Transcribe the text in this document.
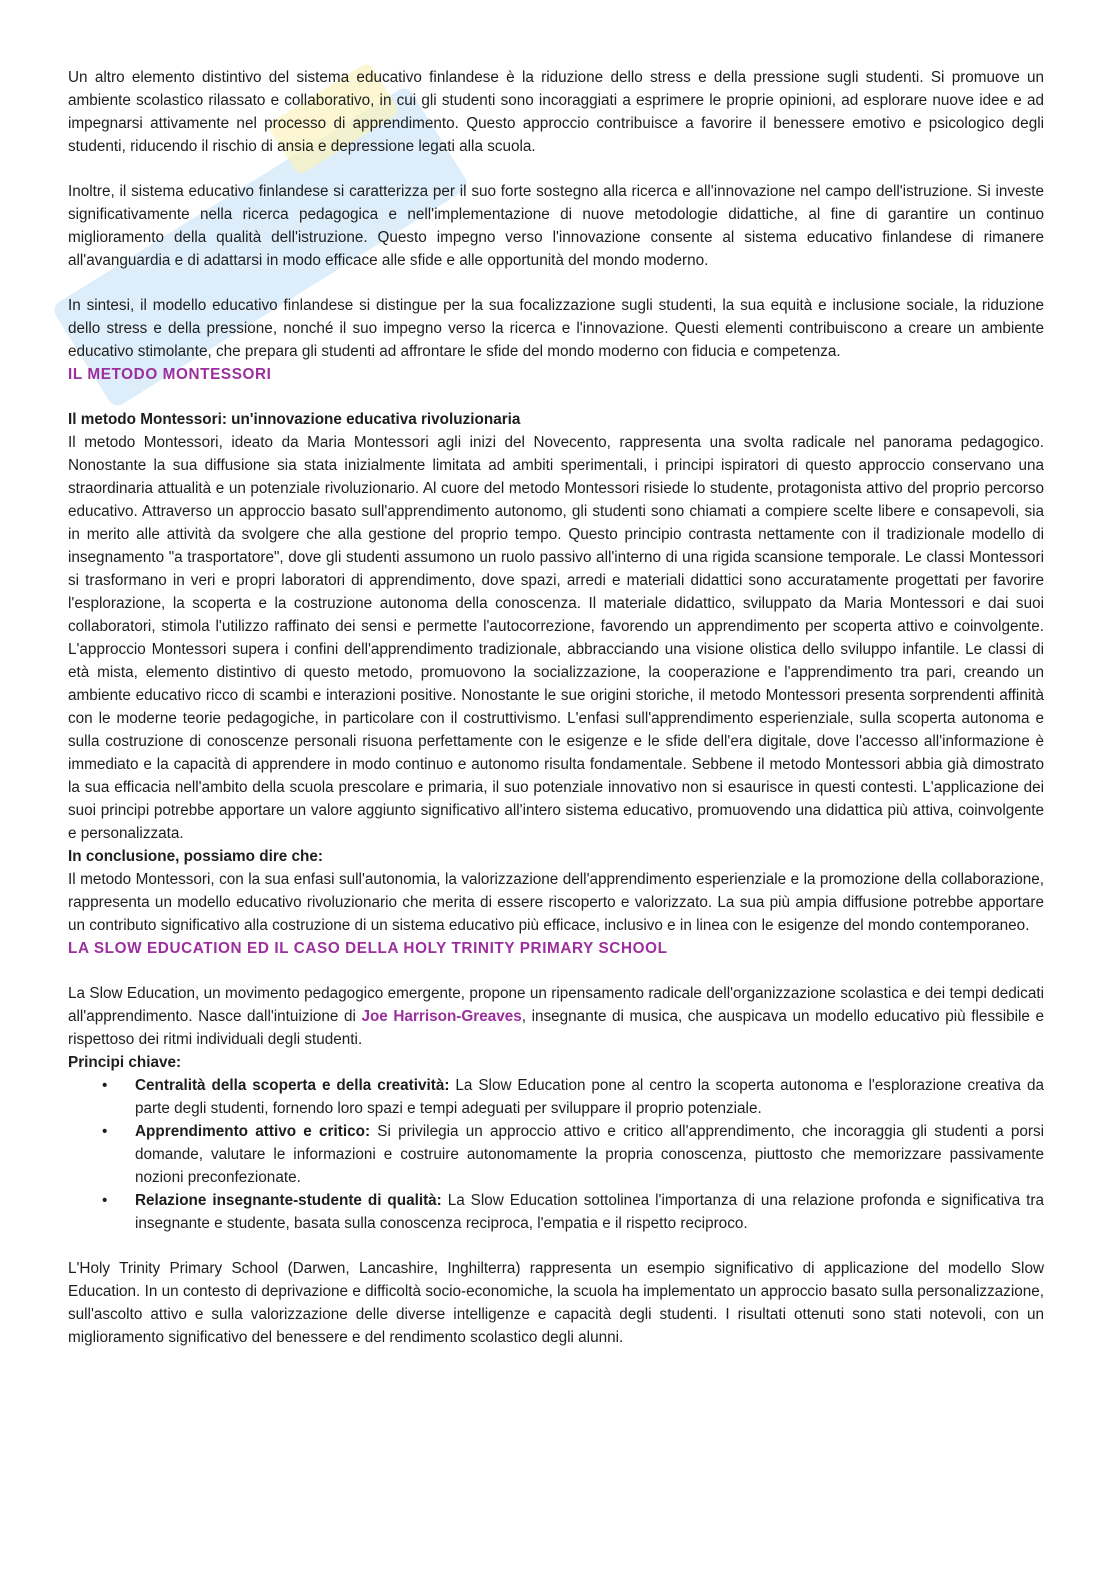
Un altro elemento distintivo del sistema educativo finlandese è la riduzione dello stress e della pressione sugli studenti. Si promuove un ambiente scolastico rilassato e collaborativo, in cui gli studenti sono incoraggiati a esprimere le proprie opinioni, ad esplorare nuove idee e ad impegnarsi attivamente nel processo di apprendimento. Questo approccio contribuisce a favorire il benessere emotivo e psicologico degli studenti, riducendo il rischio di ansia e depressione legati alla scuola.

Inoltre, il sistema educativo finlandese si caratterizza per il suo forte sostegno alla ricerca e all'innovazione nel campo dell'istruzione. Si investe significativamente nella ricerca pedagogica e nell'implementazione di nuove metodologie didattiche, al fine di garantire un continuo miglioramento della qualità dell'istruzione. Questo impegno verso l'innovazione consente al sistema educativo finlandese di rimanere all'avanguardia e di adattarsi in modo efficace alle sfide e alle opportunità del mondo moderno.

In sintesi, il modello educativo finlandese si distingue per la sua focalizzazione sugli studenti, la sua equità e inclusione sociale, la riduzione dello stress e della pressione, nonché il suo impegno verso la ricerca e l'innovazione. Questi elementi contribuiscono a creare un ambiente educativo stimolante, che prepara gli studenti ad affrontare le sfide del mondo moderno con fiducia e competenza.

IL METODO MONTESSORI

Il metodo Montessori: un'innovazione educativa rivoluzionaria

Il metodo Montessori, ideato da Maria Montessori agli inizi del Novecento, rappresenta una svolta radicale nel panorama pedagogico. Nonostante la sua diffusione sia stata inizialmente limitata ad ambiti sperimentali, i principi ispiratori di questo approccio conservano una straordinaria attualità e un potenziale rivoluzionario. Al cuore del metodo Montessori risiede lo studente, protagonista attivo del proprio percorso educativo. Attraverso un approccio basato sull'apprendimento autonomo, gli studenti sono chiamati a compiere scelte libere e consapevoli, sia in merito alle attività da svolgere che alla gestione del proprio tempo. Questo principio contrasta nettamente con il tradizionale modello di insegnamento "a trasportatore", dove gli studenti assumono un ruolo passivo all'interno di una rigida scansione temporale. Le classi Montessori si trasformano in veri e propri laboratori di apprendimento, dove spazi, arredi e materiali didattici sono accuratamente progettati per favorire l'esplorazione, la scoperta e la costruzione autonoma della conoscenza. Il materiale didattico, sviluppato da Maria Montessori e dai suoi collaboratori, stimola l'utilizzo raffinato dei sensi e permette l'autocorrezione, favorendo un apprendimento per scoperta attivo e coinvolgente. L'approccio Montessori supera i confini dell'apprendimento tradizionale, abbracciando una visione olistica dello sviluppo infantile. Le classi di età mista, elemento distintivo di questo metodo, promuovono la socializzazione, la cooperazione e l'apprendimento tra pari, creando un ambiente educativo ricco di scambi e interazioni positive. Nonostante le sue origini storiche, il metodo Montessori presenta sorprendenti affinità con le moderne teorie pedagogiche, in particolare con il costruttivismo. L'enfasi sull'apprendimento esperienziale, sulla scoperta autonoma e sulla costruzione di conoscenze personali risuona perfettamente con le esigenze e le sfide dell'era digitale, dove l'accesso all'informazione è immediato e la capacità di apprendere in modo continuo e autonomo risulta fondamentale. Sebbene il metodo Montessori abbia già dimostrato la sua efficacia nell'ambito della scuola prescolare e primaria, il suo potenziale innovativo non si esaurisce in questi contesti. L'applicazione dei suoi principi potrebbe apportare un valore aggiunto significativo all'intero sistema educativo, promuovendo una didattica più attiva, coinvolgente e personalizzata.

In conclusione, possiamo dire che:

Il metodo Montessori, con la sua enfasi sull'autonomia, la valorizzazione dell'apprendimento esperienziale e la promozione della collaborazione, rappresenta un modello educativo rivoluzionario che merita di essere riscoperto e valorizzato. La sua più ampia diffusione potrebbe apportare un contributo significativo alla costruzione di un sistema educativo più efficace, inclusivo e in linea con le esigenze del mondo contemporaneo.

LA SLOW EDUCATION ED IL CASO DELLA HOLY TRINITY PRIMARY SCHOOL

La Slow Education, un movimento pedagogico emergente, propone un ripensamento radicale dell'organizzazione scolastica e dei tempi dedicati all'apprendimento. Nasce dall'intuizione di Joe Harrison-Greaves, insegnante di musica, che auspicava un modello educativo più flessibile e rispettoso dei ritmi individuali degli studenti.

Principi chiave:

• Centralità della scoperta e della creatività: La Slow Education pone al centro la scoperta autonoma e l'esplorazione creativa da parte degli studenti, fornendo loro spazi e tempi adeguati per sviluppare il proprio potenziale.
• Apprendimento attivo e critico: Si privilegia un approccio attivo e critico all'apprendimento, che incoraggia gli studenti a porsi domande, valutare le informazioni e costruire autonomamente la propria conoscenza, piuttosto che memorizzare passivamente nozioni preconfezionate.
• Relazione insegnante-studente di qualità: La Slow Education sottolinea l'importanza di una relazione profonda e significativa tra insegnante e studente, basata sulla conoscenza reciproca, l'empatia e il rispetto reciproco.

L'Holy Trinity Primary School (Darwen, Lancashire, Inghilterra) rappresenta un esempio significativo di applicazione del modello Slow Education. In un contesto di deprivazione e difficoltà socio-economiche, la scuola ha implementato un approccio basato sulla personalizzazione, sull'ascolto attivo e sulla valorizzazione delle diverse intelligenze e capacità degli studenti. I risultati ottenuti sono stati notevoli, con un miglioramento significativo del benessere e del rendimento scolastico degli alunni.
